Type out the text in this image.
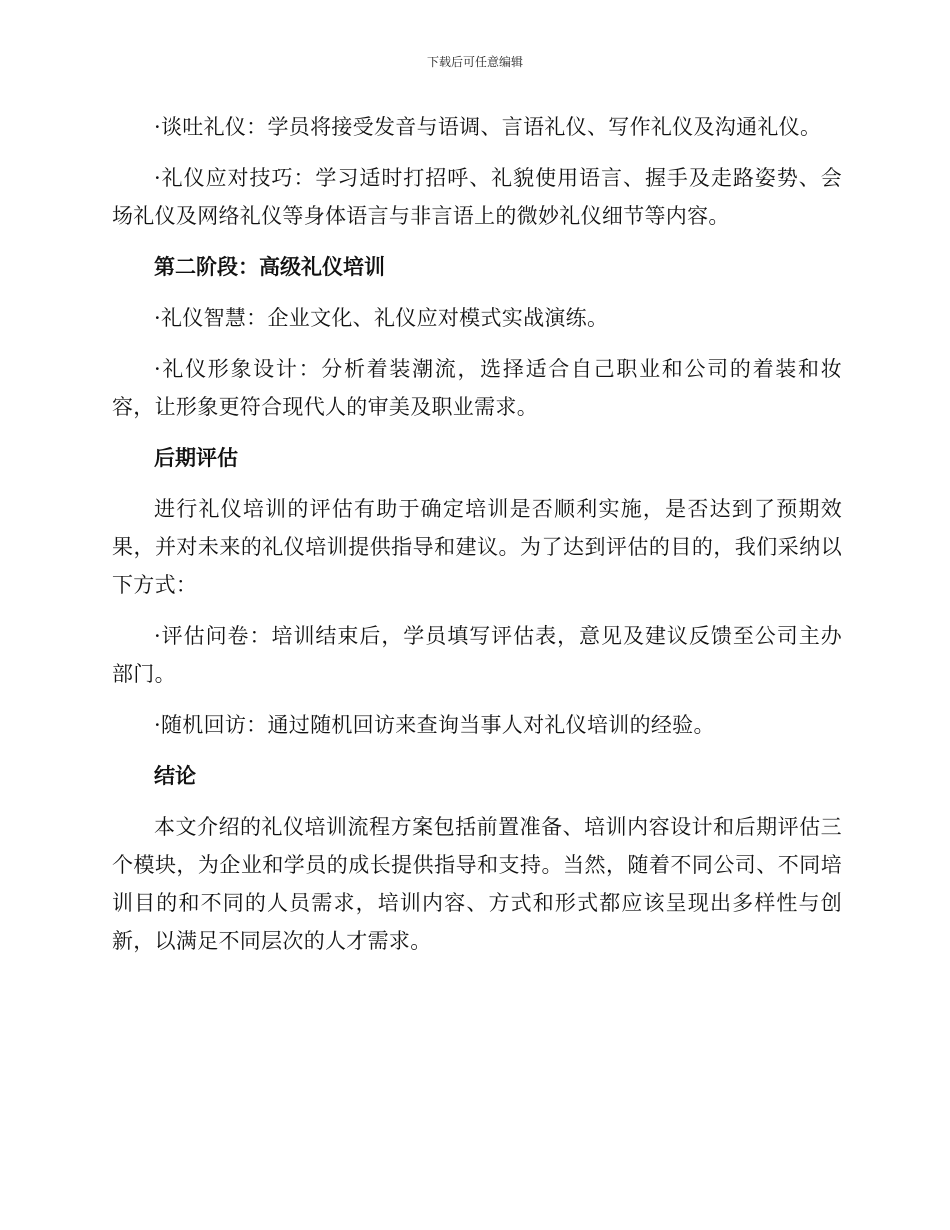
下载后可任意编辑

·谈吐礼仪：学员将接受发音与语调、言语礼仪、写作礼仪及沟通礼仪。

·礼仪应对技巧：学习适时打招呼、礼貌使用语言、握手及走路姿势、会场礼仪及网络礼仪等身体语言与非言语上的微妙礼仪细节等内容。

第二阶段：高级礼仪培训

·礼仪智慧：企业文化、礼仪应对模式实战演练。

·礼仪形象设计：分析着装潮流，选择适合自己职业和公司的着装和妆容，让形象更符合现代人的审美及职业需求。

后期评估

进行礼仪培训的评估有助于确定培训是否顺利实施，是否达到了预期效果，并对未来的礼仪培训提供指导和建议。为了达到评估的目的，我们采纳以下方式：

·评估问卷：培训结束后，学员填写评估表，意见及建议反馈至公司主办部门。

·随机回访：通过随机回访来查询当事人对礼仪培训的经验。

结论

本文介绍的礼仪培训流程方案包括前置准备、培训内容设计和后期评估三个模块，为企业和学员的成长提供指导和支持。当然，随着不同公司、不同培训目的和不同的人员需求，培训内容、方式和形式都应该呈现出多样性与创新，以满足不同层次的人才需求。
